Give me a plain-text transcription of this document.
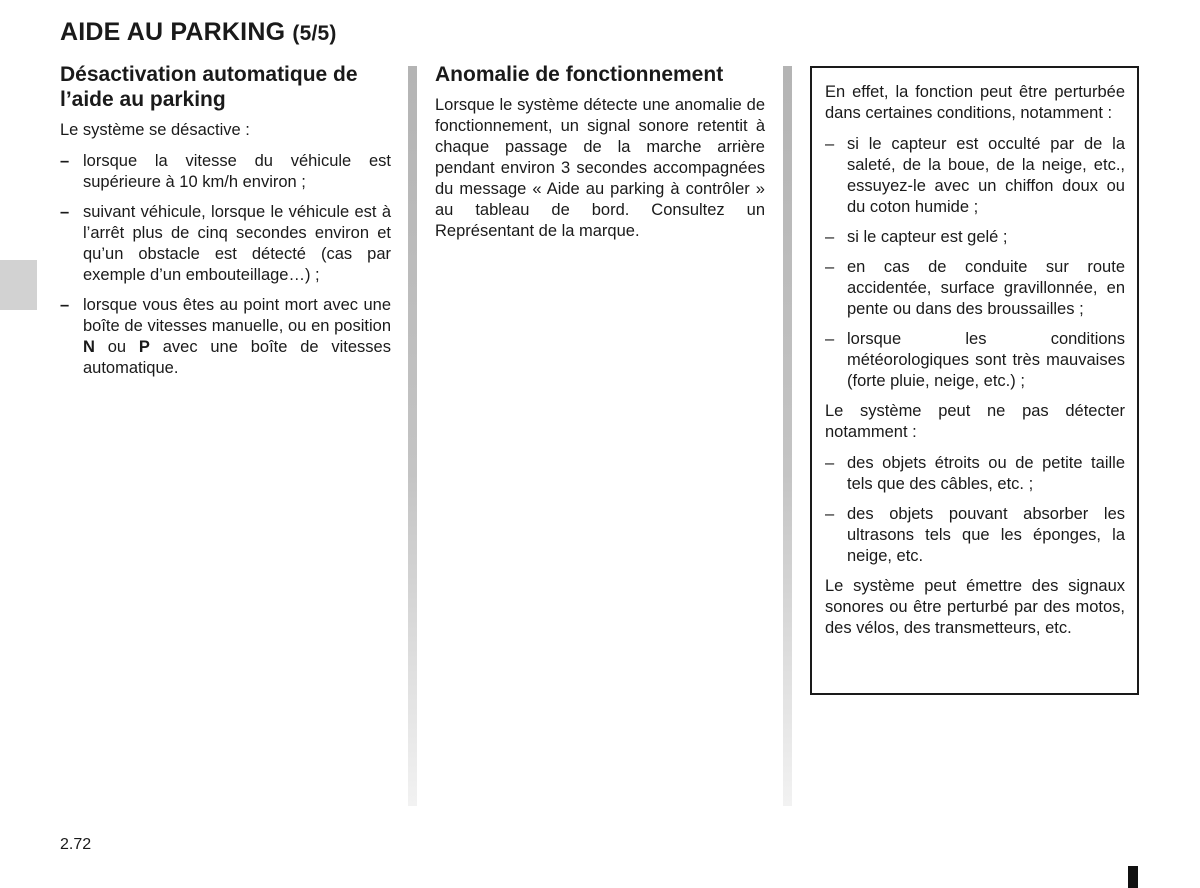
AIDE AU PARKING (5/5)
Désactivation automatique de l’aide au parking

Le système se désactive :

– lorsque la vitesse du véhicule est supérieure à 10 km/h environ ;
– suivant véhicule, lorsque le véhicule est à l’arrêt plus de cinq secondes environ et qu’un obstacle est détecté (cas par exemple d’un embouteillage…) ;
– lorsque vous êtes au point mort avec une boîte de vitesses manuelle, ou en position N ou P avec une boîte de vitesses automatique.
Anomalie de fonctionnement

Lorsque le système détecte une anomalie de fonctionnement, un signal sonore retentit à chaque passage de la marche arrière pendant environ 3 secondes accompagnées du message « Aide au parking à contrôler » au tableau de bord. Consultez un Représentant de la marque.

En effet, la fonction peut être perturbée dans certaines conditions, notamment :

– si le capteur est occulté par de la saleté, de la boue, de la neige, etc., essuyez-le avec un chiffon doux ou du coton humide ;
– si le capteur est gelé ;
– en cas de conduite sur route accidentée, surface gravillonnée, en pente ou dans des broussailles ;
– lorsque les conditions météorologiques sont très mauvaises (forte pluie, neige, etc.) ;

Le système peut ne pas détecter notamment :

– des objets étroits ou de petite taille tels que des câbles, etc. ;
– des objets pouvant absorber les ultrasons tels que les éponges, la neige, etc.

Le système peut émettre des signaux sonores ou être perturbé par des motos, des vélos, des transmetteurs, etc.

2.72
